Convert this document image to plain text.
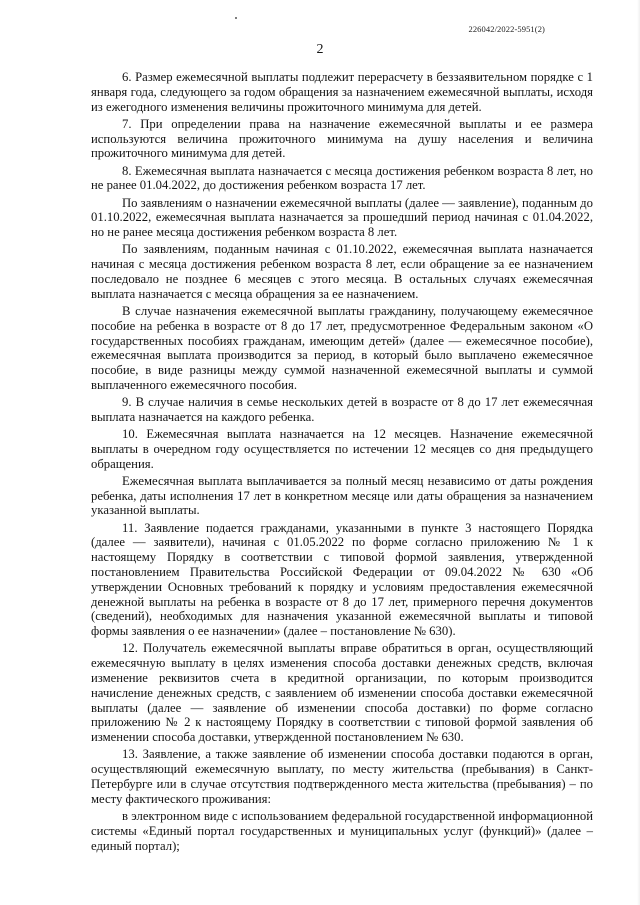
226042/2022-5951(2)
2

6. Размер ежемесячной выплаты подлежит перерасчету в беззаявительном порядке с 1 января года, следующего за годом обращения за назначением ежемесячной выплаты, исходя из ежегодного изменения величины прожиточного минимума для детей.

7. При определении права на назначение ежемесячной выплаты и ее размера используются величина прожиточного минимума на душу населения и величина прожиточного минимума для детей.

8. Ежемесячная выплата назначается с месяца достижения ребенком возраста 8 лет, но не ранее 01.04.2022, до достижения ребенком возраста 17 лет.

По заявлениям о назначении ежемесячной выплаты (далее — заявление), поданным до 01.10.2022, ежемесячная выплата назначается за прошедший период начиная с 01.04.2022, но не ранее месяца достижения ребенком возраста 8 лет.

По заявлениям, поданным начиная с 01.10.2022, ежемесячная выплата назначается начиная с месяца достижения ребенком возраста 8 лет, если обращение за ее назначением последовало не позднее 6 месяцев с этого месяца. В остальных случаях ежемесячная выплата назначается с месяца обращения за ее назначением.

В случае назначения ежемесячной выплаты гражданину, получающему ежемесячное пособие на ребенка в возрасте от 8 до 17 лет, предусмотренное Федеральным законом «О государственных пособиях гражданам, имеющим детей» (далее — ежемесячное пособие), ежемесячная выплата производится за период, в который было выплачено ежемесячное пособие, в виде разницы между суммой назначенной ежемесячной выплаты и суммой выплаченного ежемесячного пособия.

9. В случае наличия в семье нескольких детей в возрасте от 8 до 17 лет ежемесячная выплата назначается на каждого ребенка.

10. Ежемесячная выплата назначается на 12 месяцев. Назначение ежемесячной выплаты в очередном году осуществляется по истечении 12 месяцев со дня предыдущего обращения.

Ежемесячная выплата выплачивается за полный месяц независимо от даты рождения ребенка, даты исполнения 17 лет в конкретном месяце или даты обращения за назначением указанной выплаты.

11. Заявление подается гражданами, указанными в пункте 3 настоящего Порядка (далее — заявители), начиная с 01.05.2022 по форме согласно приложению № 1 к настоящему Порядку в соответствии с типовой формой заявления, утвержденной постановлением Правительства Российской Федерации от 09.04.2022 № 630 «Об утверждении Основных требований к порядку и условиям предоставления ежемесячной денежной выплаты на ребенка в возрасте от 8 до 17 лет, примерного перечня документов (сведений), необходимых для назначения указанной ежемесячной выплаты и типовой формы заявления о ее назначении» (далее – постановление № 630).

12. Получатель ежемесячной выплаты вправе обратиться в орган, осуществляющий ежемесячную выплату в целях изменения способа доставки денежных средств, включая изменение реквизитов счета в кредитной организации, по которым производится начисление денежных средств, с заявлением об изменении способа доставки ежемесячной выплаты (далее — заявление об изменении способа доставки) по форме согласно приложению № 2 к настоящему Порядку в соответствии с типовой формой заявления об изменении способа доставки, утвержденной постановлением № 630.

13. Заявление, а также заявление об изменении способа доставки подаются в орган, осуществляющий ежемесячную выплату, по месту жительства (пребывания) в Санкт-Петербурге или в случае отсутствия подтвержденного места жительства (пребывания) – по месту фактического проживания:

в электронном виде с использованием федеральной государственной информационной системы «Единый портал государственных и муниципальных услуг (функций)» (далее – единый портал);
